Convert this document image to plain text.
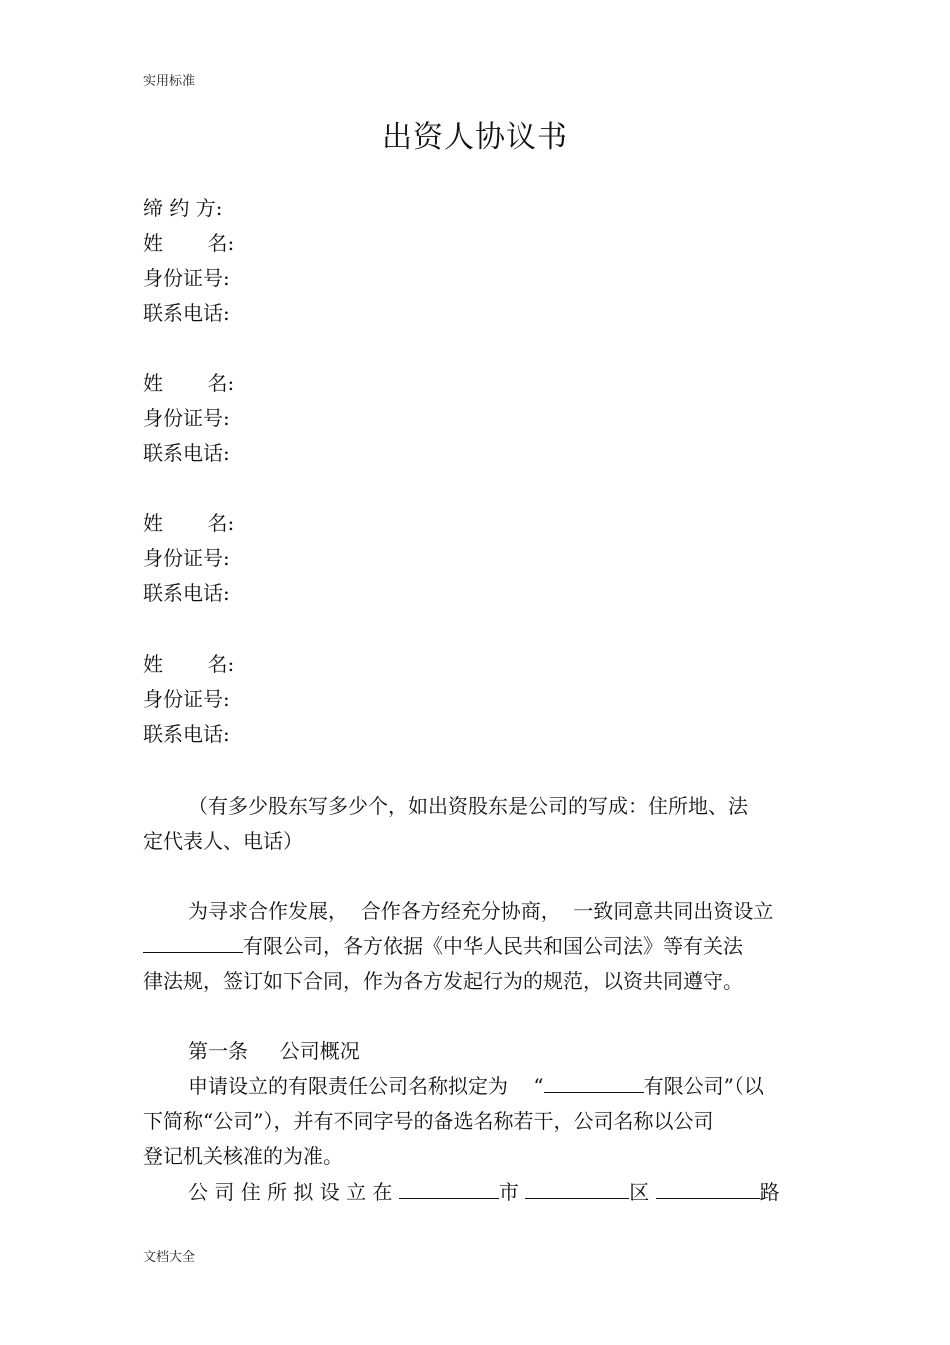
实用标准
出资人协议书
缔 约 方:
姓       名:
身份证号:
联系电话:
姓       名:
身份证号:
联系电话:
姓       名:
身份证号:
联系电话:
姓       名:
身份证号:
联系电话:
（有多少股东写多少个，如出资股东是公司的写成：住所地、法
定代表人、电话）
为寻求合作发展，  合作各方经充分协商，  一致同意共同出资设立
有限公司，各方依据《中华人民共和国公司法》等有关法
律法规，签订如下合同，作为各方发起行为的规范，以资共同遵守。
第一条     公司概况
申请设立的有限责任公司名称拟定为    “	有限公司”（以
下简称“公司”），并有不同字号的备选名称若干，公司名称以公司
登记机关核准的为准。
公 司 住 所 拟 设 立 在	市	区	路
文档大全
